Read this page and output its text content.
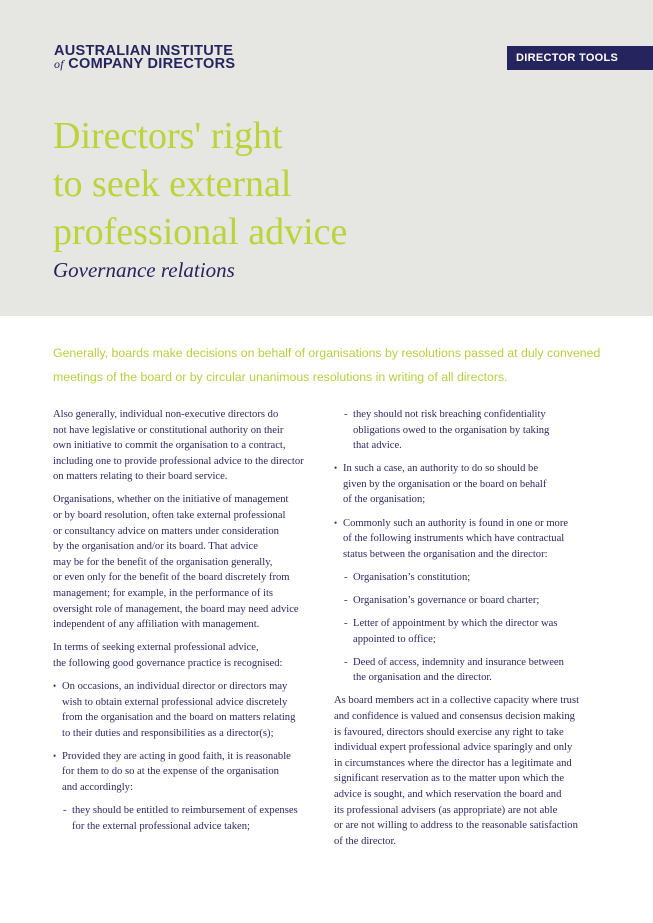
AUSTRALIAN INSTITUTE
of COMPANY DIRECTORS	DIRECTOR TOOLS
Directors' right
to seek external
professional advice
Governance relations
Generally, boards make decisions on behalf of organisations by resolutions passed at duly convened
meetings of the board or by circular unanimous resolutions in writing of all directors.
Also generally, individual non-executive directors do
not have legislative or constitutional authority on their
own initiative to commit the organisation to a contract,
including one to provide professional advice to the director
on matters relating to their board service.
Organisations, whether on the initiative of management
or by board resolution, often take external professional
or consultancy advice on matters under consideration
by the organisation and/or its board. That advice
may be for the benefit of the organisation generally,
or even only for the benefit of the board discretely from
management; for example, in the performance of its
oversight role of management, the board may need advice
independent of any affiliation with management.
In terms of seeking external professional advice,
the following good governance practice is recognised:
• On occasions, an individual director or directors may
wish to obtain external professional advice discretely
from the organisation and the board on matters relating
to their duties and responsibilities as a director(s);
• Provided they are acting in good faith, it is reasonable
for them to do so at the expense of the organisation
and accordingly:
- they should be entitled to reimbursement of expenses
for the external professional advice taken;
- they should not risk breaching confidentiality
obligations owed to the organisation by taking
that advice.
• In such a case, an authority to do so should be
given by the organisation or the board on behalf
of the organisation;
• Commonly such an authority is found in one or more
of the following instruments which have contractual
status between the organisation and the director:
- Organisation’s constitution;
- Organisation’s governance or board charter;
- Letter of appointment by which the director was
appointed to office;
- Deed of access, indemnity and insurance between
the organisation and the director.
As board members act in a collective capacity where trust
and confidence is valued and consensus decision making
is favoured, directors should exercise any right to take
individual expert professional advice sparingly and only
in circumstances where the director has a legitimate and
significant reservation as to the matter upon which the
advice is sought, and which reservation the board and
its professional advisers (as appropriate) are not able
or are not willing to address to the reasonable satisfaction
of the director.
